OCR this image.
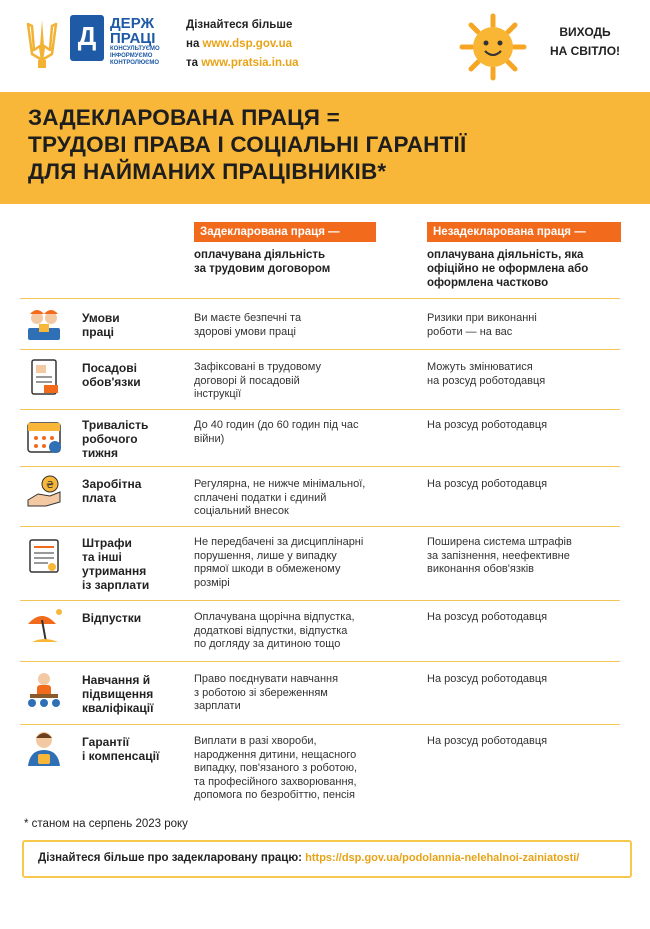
Д
ДЕРЖ
ПРАЦІ
КОНСУЛЬТУЄМО ІНФОРМУЄМО КОНТРОЛЮЄМО
Дізнайтеся більше
на www.dsp.gov.ua
та www.pratsia.in.ua
ВИХОДЬ
НА СВІТЛО!
ЗАДЕКЛАРОВАНА ПРАЦЯ =
ТРУДОВІ ПРАВА І СОЦІАЛЬНІ ГАРАНТІЇ
ДЛЯ НАЙМАНИХ ПРАЦІВНИКІВ*
Задекларована праця —	Незадекларована праця —
оплачувана діяльність
за трудовим договором
оплачувана діяльність, яка
офіційно не оформлена або
оформлена частково
Умови
праці
Ви маєте безпечні та
здорові умови праці
Ризики при виконанні
роботи — на вас
Посадові
обов'язки
Зафіксовані в трудовому
договорі й посадовій
інструкції
Можуть змінюватися
на розсуд роботодавця
Тривалість
робочого
тижня
До 40 годин (до 60 годин під час
війни)
На розсуд роботодавця
₴ Заробітна
плата
Регулярна, не нижче мінімальної,
сплачені податки і єдиний
соціальний внесок
На розсуд роботодавця
Штрафи
та інші
утримання
із зарплати
Не передбачені за дисциплінарні
порушення, лише у випадку
прямої шкоди в обмеженому
розмірі
Поширена система штрафів
за запізнення, неефективне
виконання обов'язків
Відпустки	Оплачувана щорічна відпустка,
додаткові відпустки, відпустка
по догляду за дитиною тощо
На розсуд роботодавця
Навчання й
підвищення
кваліфікації
Право поєднувати навчання
з роботою зі збереженням
зарплати
На розсуд роботодавця
Гарантії
і компенсації
Виплати в разі хвороби,
народження дитини, нещасного
випадку, пов'язаного з роботою,
та професійного захворювання,
допомога по безробіттю, пенсія
На розсуд роботодавця
* станом на серпень 2023 року
Дізнайтеся більше про задекларовану працю: https://dsp.gov.ua/podolannia-nelehalnoi-zainiatosti/
